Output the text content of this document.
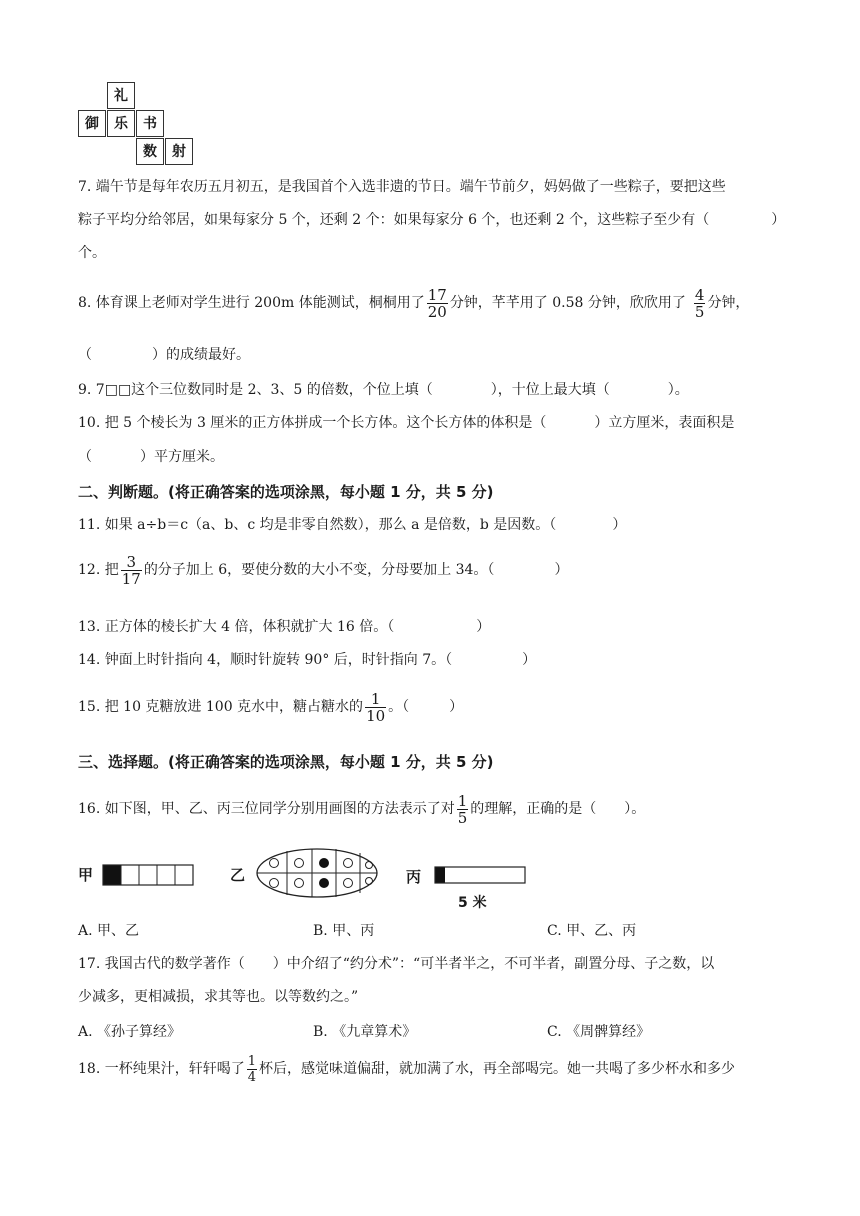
礼
御	乐	书
数	射
7. 端午节是每年农历五月初五，是我国首个入选非遗的节日。端午节前夕，妈妈做了一些粽子，要把这些
粽子平均分给邻居，如果每家分 5 个，还剩 2 个：如果每家分 6 个，也还剩 2 个，这些粽子至少有（	）
个。
8. 体育课上老师对学生进行 200m 体能测试，桐桐用了 $\frac{17}{20}$ 分钟，芊芊用了 0.58 分钟，欣欣用了 $\frac{4}{5}$ 分钟，
（	）的成绩最好。
9. 7□□这个三位数同时是 2、3、5 的倍数，个位上填（	），十位上最大填（	）。
10. 把 5 个棱长为 3 厘米的正方体拼成一个长方体。这个长方体的体积是（	）立方厘米，表面积是
（	）平方厘米。
二、判断题。(将正确答案的选项涂黑，每小题 1 分，共 5 分)
11. 如果 a÷b＝c（a、b、c 均是非零自然数），那么 a 是倍数，b 是因数。（	）
12. 把 $\frac{3}{17}$ 的分子加上 6，要使分数的大小不变，分母要加上 34。（	）
13. 正方体的棱长扩大 4 倍，体积就扩大 16 倍。（	）
14. 钟面上时针指向 4，顺时针旋转 90° 后，时针指向 7。（	）
15. 把 10 克糖放进 100 克水中，糖占糖水的 $\frac{1}{10}$ 。（	）
三、选择题。(将正确答案的选项涂黑，每小题 1 分，共 5 分)
16. 如下图，甲、乙、丙三位同学分别用画图的方法表示了对 $\frac{1}{5}$ 的理解，正确的是（ ）。
甲	乙	丙
5 米
A. 甲、乙	B. 甲、丙	C. 甲、乙、丙
17. 我国古代的数学著作（ ）中介绍了“约分术”：“可半者半之，不可半者，副置分母、子之数，以
少减多，更相减损，求其等也。以等数约之。”
A. 《孙子算经》	B. 《九章算术》	C. 《周髀算经》
18. 一杯纯果汁，轩轩喝了 $\frac{1}{4}$ 杯后，感觉味道偏甜，就加满了水，再全部喝完。她一共喝了多少杯水和多少
